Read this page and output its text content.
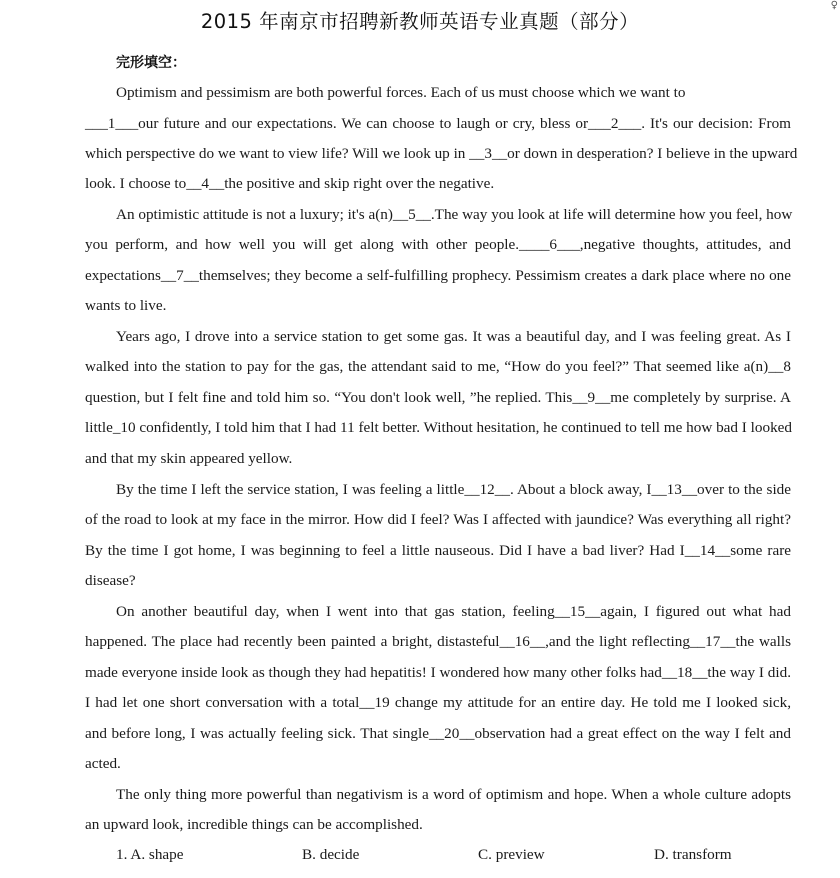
2015 年南京市招聘新教师英语专业真题（部分）
♀
完形填空：
Optimism and pessimism are both powerful forces. Each of us must choose which we want to
___1___our future and our expectations. We can choose to laugh or cry, bless or___2___. It's our decision: From
which perspective do we want to view life? Will we look up in __3__or down in desperation? I believe in the upward
look. I choose to__4__the positive and skip right over the negative.
An optimistic attitude is not a luxury; it's a(n)__5__.The way you look at life will determine how you feel, how
you perform, and how well you will get along with other people.____6___,negative thoughts, attitudes, and
expectations__7__themselves; they become a self-fulfilling prophecy. Pessimism creates a dark place where no one
wants to live.
Years ago, I drove into a service station to get some gas. It was a beautiful day, and I was feeling great. As I
walked into the station to pay for the gas, the attendant said to me, “How do you feel?” That seemed like a(n)__8
question, but I felt fine and told him so. “You don't look well, ”he replied. This__9__me completely by surprise. A
little_10 confidently, I told him that I had 11 felt better. Without hesitation, he continued to tell me how bad I looked
and that my skin appeared yellow.
By the time I left the service station, I was feeling a little__12__. About a block away, I__13__over to the side
of the road to look at my face in the mirror. How did I feel? Was I affected with jaundice? Was everything all right?
By the time I got home, I was beginning to feel a little nauseous. Did I have a bad liver? Had I__14__some rare
disease?
On another beautiful day, when I went into that gas station, feeling__15__again, I figured out what had
happened. The place had recently been painted a bright, distasteful__16__,and the light reflecting__17__the walls
made everyone inside look as though they had hepatitis! I wondered how many other folks had__18__the way I did.
I had let one short conversation with a total__19 change my attitude for an entire day. He told me I looked sick,
and before long, I was actually feeling sick. That single__20__observation had a great effect on the way I felt and
acted.
The only thing more powerful than negativism is a word of optimism and hope. When a whole culture adopts
an upward look, incredible things can be accomplished.
1. A. shape	B. decide	C. preview	D. transform
